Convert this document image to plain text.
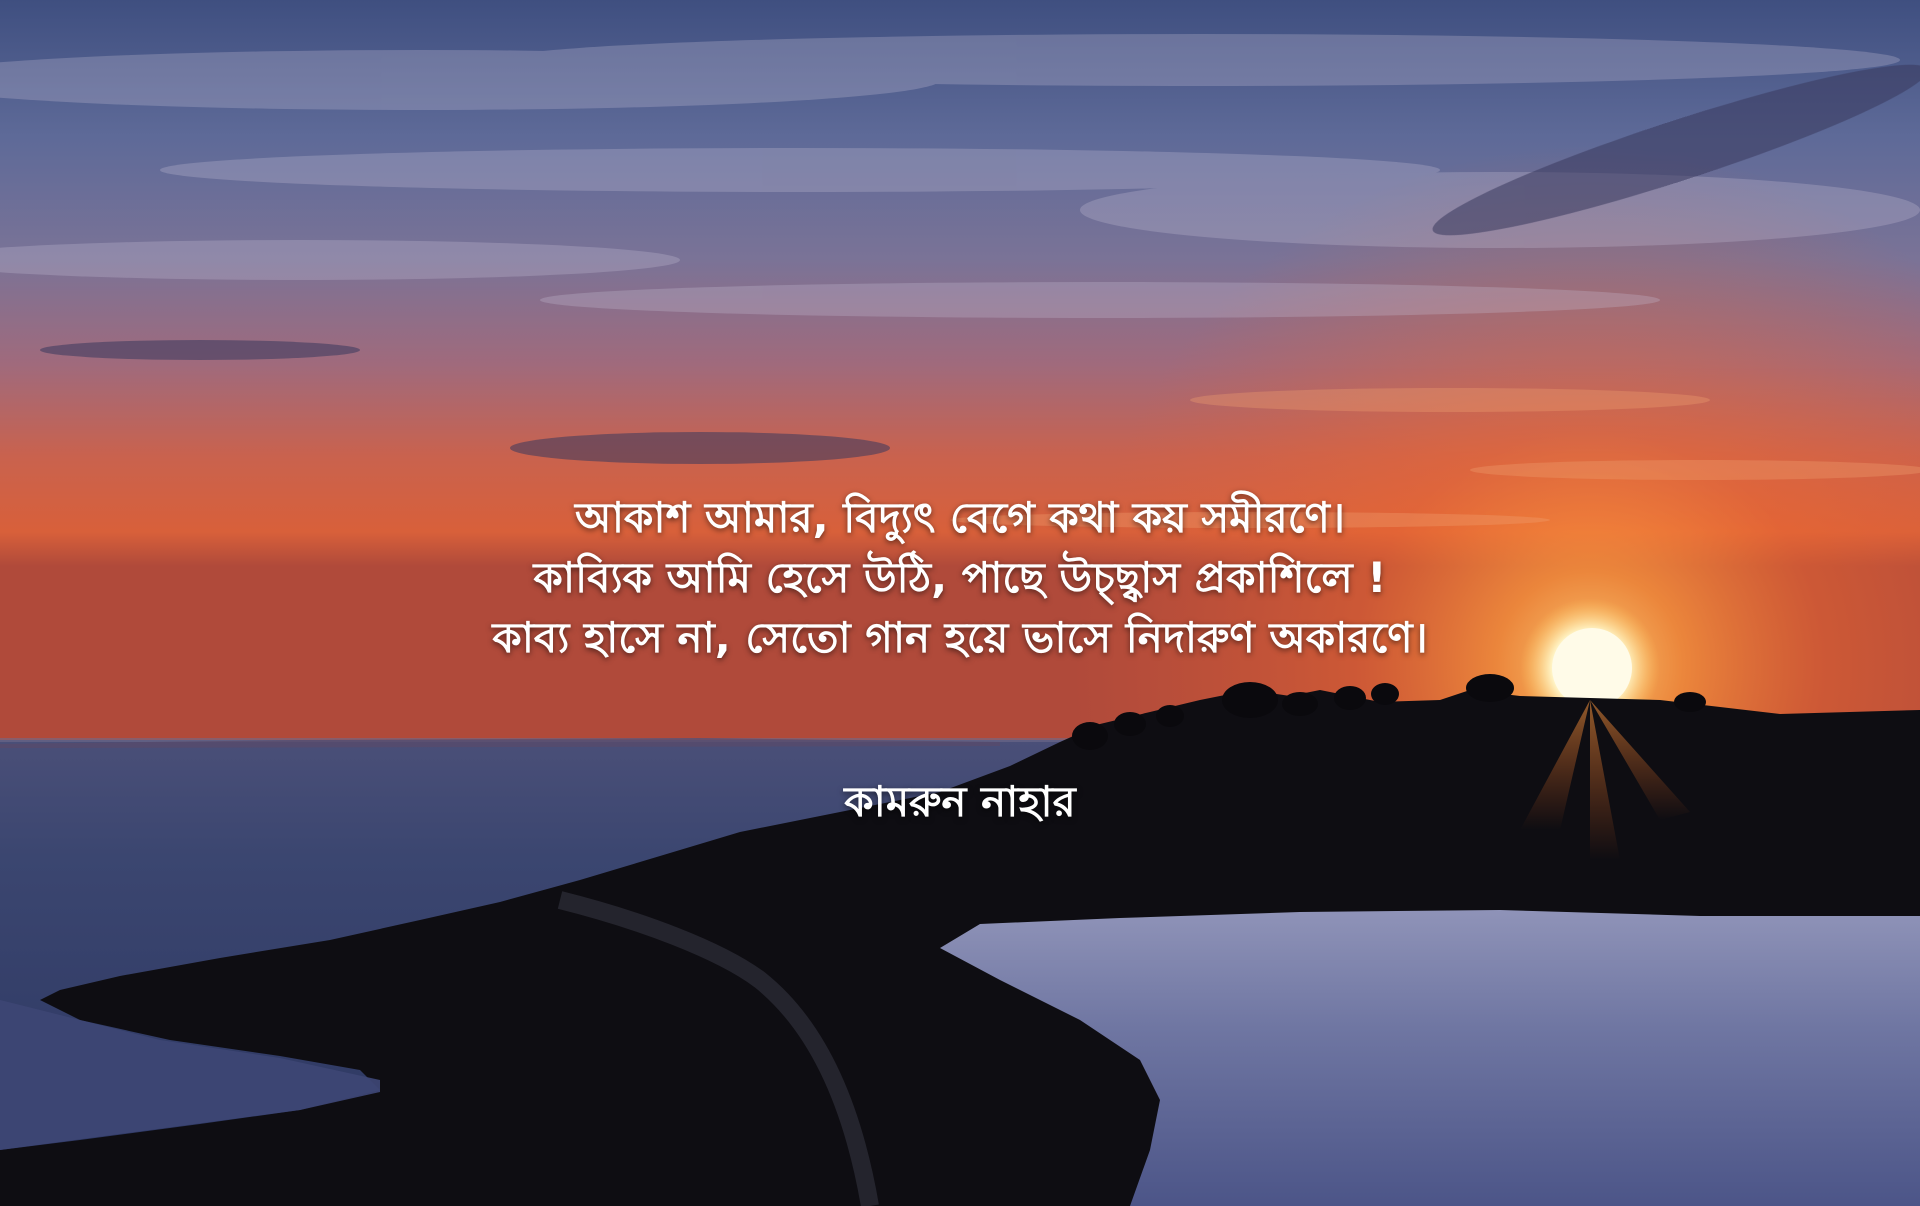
আকাশ আমার, বিদ্যুৎ বেগে কথা কয় সমীরণে।
কাব্যিক আমি হেসে উঠি, পাছে উচ্ছ্বাস প্রকাশিলে !
কাব্য হাসে না, সেতো গান হয়ে ভাসে নিদারুণ অকারণে।
কামরুন নাহার
